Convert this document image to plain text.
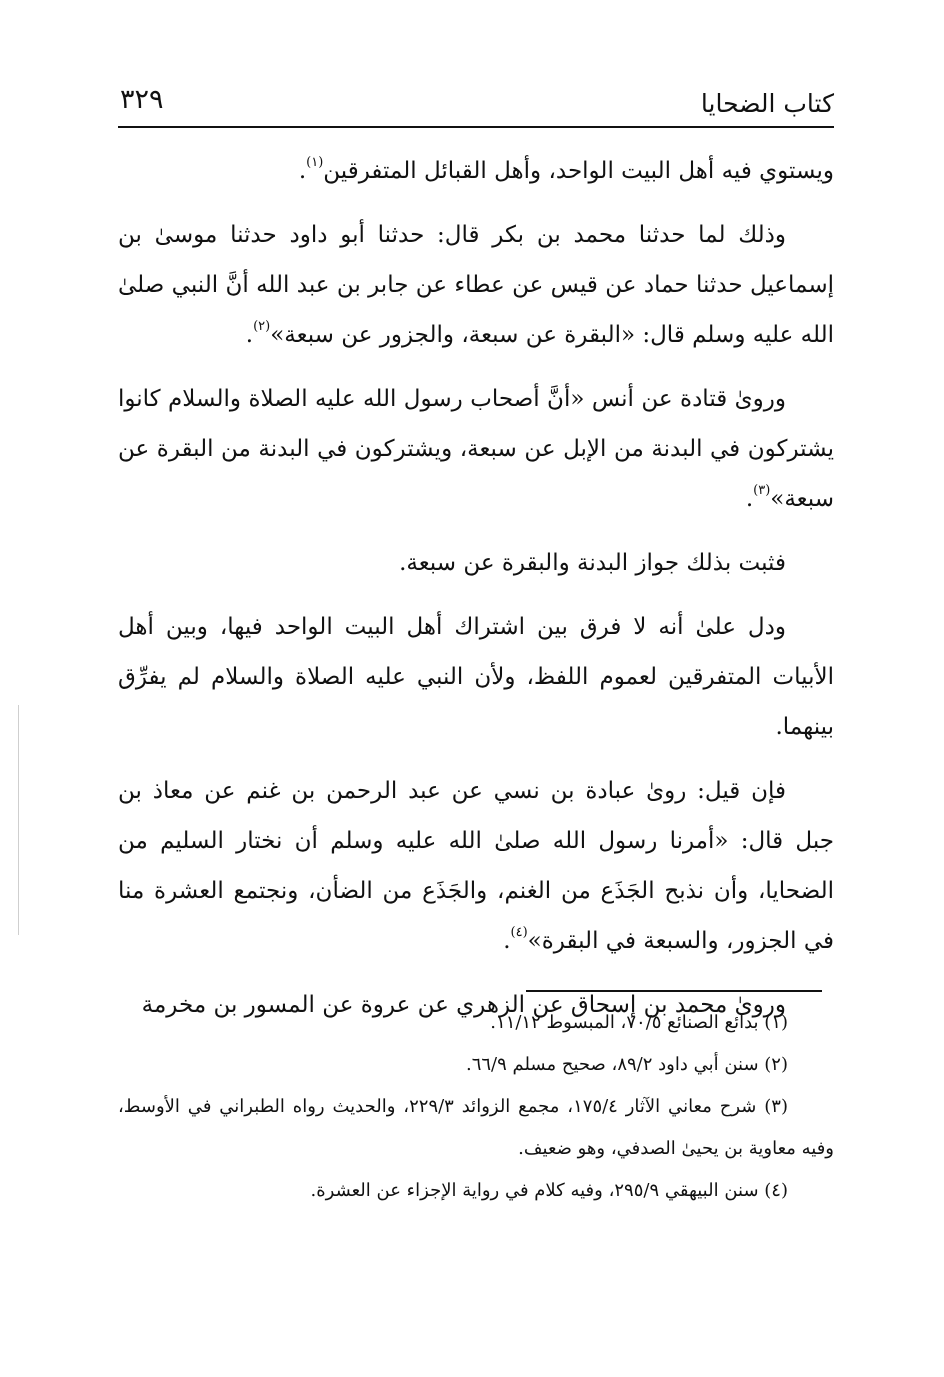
كتاب الضحايا
٣٢٩

ويستوي فيه أهل البيت الواحد، وأهل القبائل المتفرقين$^{(١)}$.

وذلك لما حدثنا محمد بن بكر قال: حدثنا أبو داود حدثنا موسىٰ بن إسماعيل حدثنا حماد عن قيس عن عطاء عن جابر بن عبد الله أنَّ النبي صلىٰ الله عليه وسلم قال: «البقرة عن سبعة، والجزور عن سبعة»$^{(٢)}$.

وروىٰ قتادة عن أنس «أنَّ أصحاب رسول الله عليه الصلاة والسلام كانوا يشتركون في البدنة من الإبل عن سبعة، ويشتركون في البدنة من البقرة عن سبعة»$^{(٣)}$.

فثبت بذلك جواز البدنة والبقرة عن سبعة.

ودل علىٰ أنه لا فرق بين اشتراك أهل البيت الواحد فيها، وبين أهل الأبيات المتفرقين لعموم اللفظ، ولأن النبي عليه الصلاة والسلام لم يفرِّق بينهما.

فإن قيل: روىٰ عبادة بن نسي عن عبد الرحمن بن غنم عن معاذ بن جبل قال: «أمرنا رسول الله صلىٰ الله عليه وسلم أن نختار السليم من الضحايا، وأن نذبح الجَذَع من الغنم، والجَذَع من الضأن، ونجتمع العشرة منا في الجزور، والسبعة في البقرة»$^{(٤)}$.

وروىٰ محمد بن إسحاق عن الزهري عن عروة عن المسور بن مخرمة

(١) بدائع الصنائع ٧٠/٥، المبسوط ١١/١٢.

(٢) سنن أبي داود ٨٩/٢، صحيح مسلم ٦٦/٩.

(٣) شرح معاني الآثار ١٧٥/٤، مجمع الزوائد ٢٢٩/٣، والحديث رواه الطبراني في الأوسط، وفيه معاوية بن يحيىٰ الصدفي، وهو ضعيف.

(٤) سنن البيهقي ٢٩٥/٩، وفيه كلام في رواية الإجزاء عن العشرة.
